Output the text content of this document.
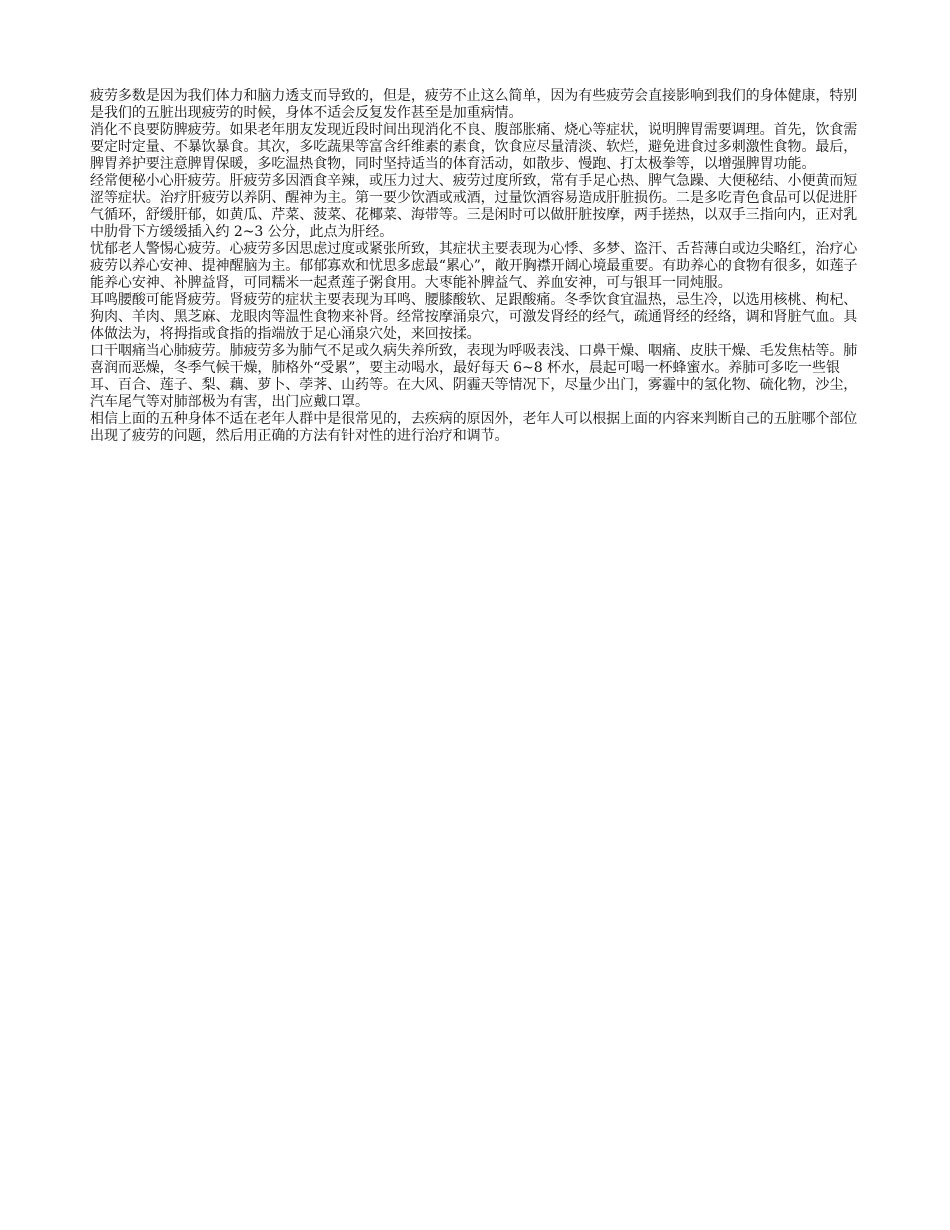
疲劳多数是因为我们体力和脑力透支而导致的，但是，疲劳不止这么简单，因为有些疲劳会直接影响到我们的身体健康，特别是我们的五脏出现疲劳的时候，身体不适会反复发作甚至是加重病情。

消化不良要防脾疲劳。如果老年朋友发现近段时间出现消化不良、腹部胀痛、烧心等症状，说明脾胃需要调理。首先，饮食需要定时定量、不暴饮暴食。其次，多吃蔬果等富含纤维素的素食，饮食应尽量清淡、软烂，避免进食过多刺激性食物。最后，脾胃养护要注意脾胃保暖，多吃温热食物，同时坚持适当的体育活动，如散步、慢跑、打太极拳等，以增强脾胃功能。

经常便秘小心肝疲劳。肝疲劳多因酒食辛辣，或压力过大、疲劳过度所致，常有手足心热、脾气急躁、大便秘结、小便黄而短涩等症状。治疗肝疲劳以养阴、醒神为主。第一要少饮酒或戒酒，过量饮酒容易造成肝脏损伤。二是多吃青色食品可以促进肝气循环，舒缓肝郁，如黄瓜、芹菜、菠菜、花椰菜、海带等。三是闲时可以做肝脏按摩，两手搓热，以双手三指向内，正对乳中肋骨下方缓缓插入约 2~3 公分，此点为肝经。

忧郁老人警惕心疲劳。心疲劳多因思虑过度或紧张所致，其症状主要表现为心悸、多梦、盗汗、舌苔薄白或边尖略红，治疗心疲劳以养心安神、提神醒脑为主。郁郁寡欢和忧思多虑最“累心”，敞开胸襟开阔心境最重要。有助养心的食物有很多，如莲子能养心安神、补脾益肾，可同糯米一起煮莲子粥食用。大枣能补脾益气、养血安神，可与银耳一同炖服。

耳鸣腰酸可能肾疲劳。肾疲劳的症状主要表现为耳鸣、腰膝酸软、足跟酸痛。冬季饮食宜温热，忌生冷，以选用核桃、枸杞、狗肉、羊肉、黑芝麻、龙眼肉等温性食物来补肾。经常按摩涌泉穴，可激发肾经的经气，疏通肾经的经络，调和肾脏气血。具体做法为，将拇指或食指的指端放于足心涌泉穴处，来回按揉。

口干咽痛当心肺疲劳。肺疲劳多为肺气不足或久病失养所致，表现为呼吸表浅、口鼻干燥、咽痛、皮肤干燥、毛发焦枯等。肺喜润而恶燥，冬季气候干燥，肺格外“受累”，要主动喝水，最好每天 6~8 杯水，晨起可喝一杯蜂蜜水。养肺可多吃一些银耳、百合、莲子、梨、藕、萝卜、荸荠、山药等。在大风、阴霾天等情况下，尽量少出门，雾霾中的氢化物、硫化物，沙尘，汽车尾气等对肺部极为有害，出门应戴口罩。

相信上面的五种身体不适在老年人群中是很常见的，去疾病的原因外，老年人可以根据上面的内容来判断自己的五脏哪个部位出现了疲劳的问题，然后用正确的方法有针对性的进行治疗和调节。
